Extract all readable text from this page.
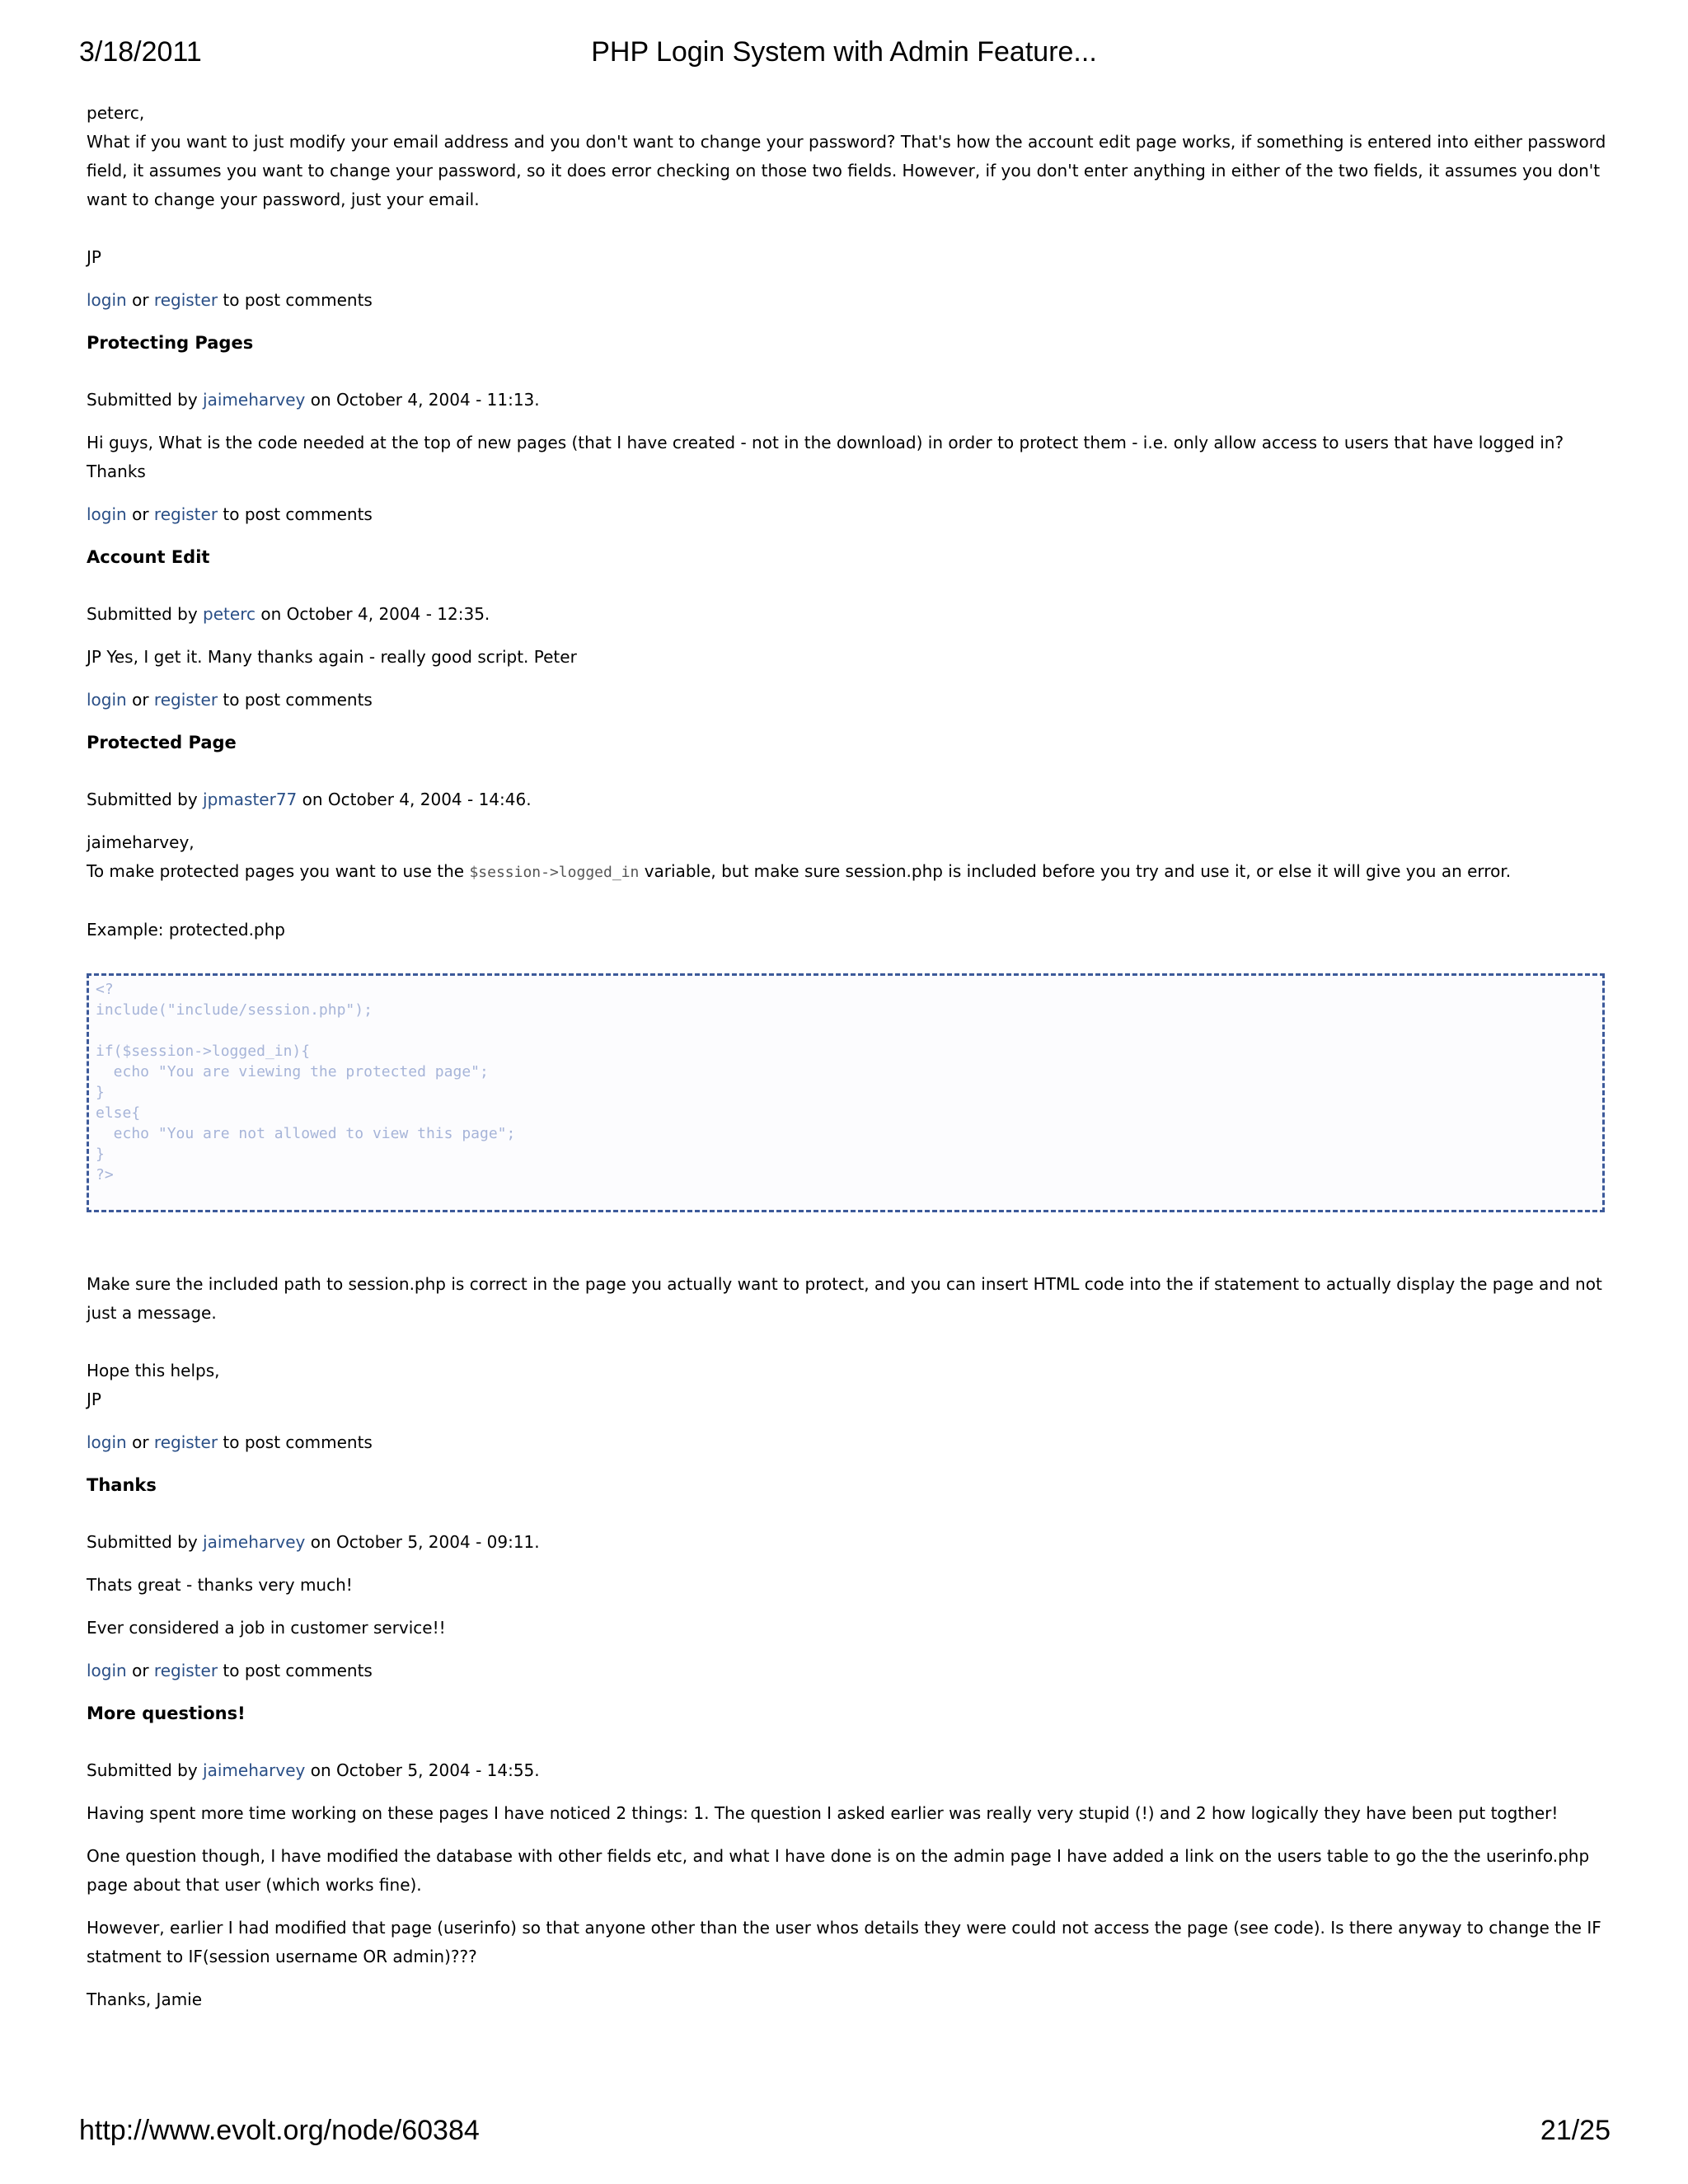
3/18/2011	PHP Login System with Admin Feature...

peterc,

What if you want to just modify your email address and you don't want to change your password? That's how the account edit page works, if something is entered into either password field, it assumes you want to change your password, so it does error checking on those two fields. However, if you don't enter anything in either of the two fields, it assumes you don't want to change your password, just your email.

JP

login or register to post comments

Protecting Pages

Submitted by jaimeharvey on October 4, 2004 - 11:13.

Hi guys, What is the code needed at the top of new pages (that I have created - not in the download) in order to protect them - i.e. only allow access to users that have logged in? Thanks

login or register to post comments

Account Edit

Submitted by peterc on October 4, 2004 - 12:35.

JP Yes, I get it. Many thanks again - really good script. Peter

login or register to post comments

Protected Page

Submitted by jpmaster77 on October 4, 2004 - 14:46.

jaimeharvey,

To make protected pages you want to use the $session->logged_in variable, but make sure session.php is included before you try and use it, or else it will give you an error.

Example: protected.php

<?
include("include/session.php");
if($session->logged_in){
echo "You are viewing the protected page";
}
else{
echo "You are not allowed to view this page";
}
?>

Make sure the included path to session.php is correct in the page you actually want to protect, and you can insert HTML code into the if statement to actually display the page and not just a message.

Hope this helps,

JP

login or register to post comments

Thanks

Submitted by jaimeharvey on October 5, 2004 - 09:11.

Thats great - thanks very much!

Ever considered a job in customer service!!

login or register to post comments

More questions!

Submitted by jaimeharvey on October 5, 2004 - 14:55.

Having spent more time working on these pages I have noticed 2 things: 1. The question I asked earlier was really very stupid (!) and 2 how logically they have been put togther!

One question though, I have modified the database with other fields etc, and what I have done is on the admin page I have added a link on the users table to go the the userinfo.php page about that user (which works fine).

However, earlier I had modified that page (userinfo) so that anyone other than the user whos details they were could not access the page (see code). Is there anyway to change the IF statment to IF(session username OR admin)???

Thanks, Jamie

http://www.evolt.org/node/60384	21/25
